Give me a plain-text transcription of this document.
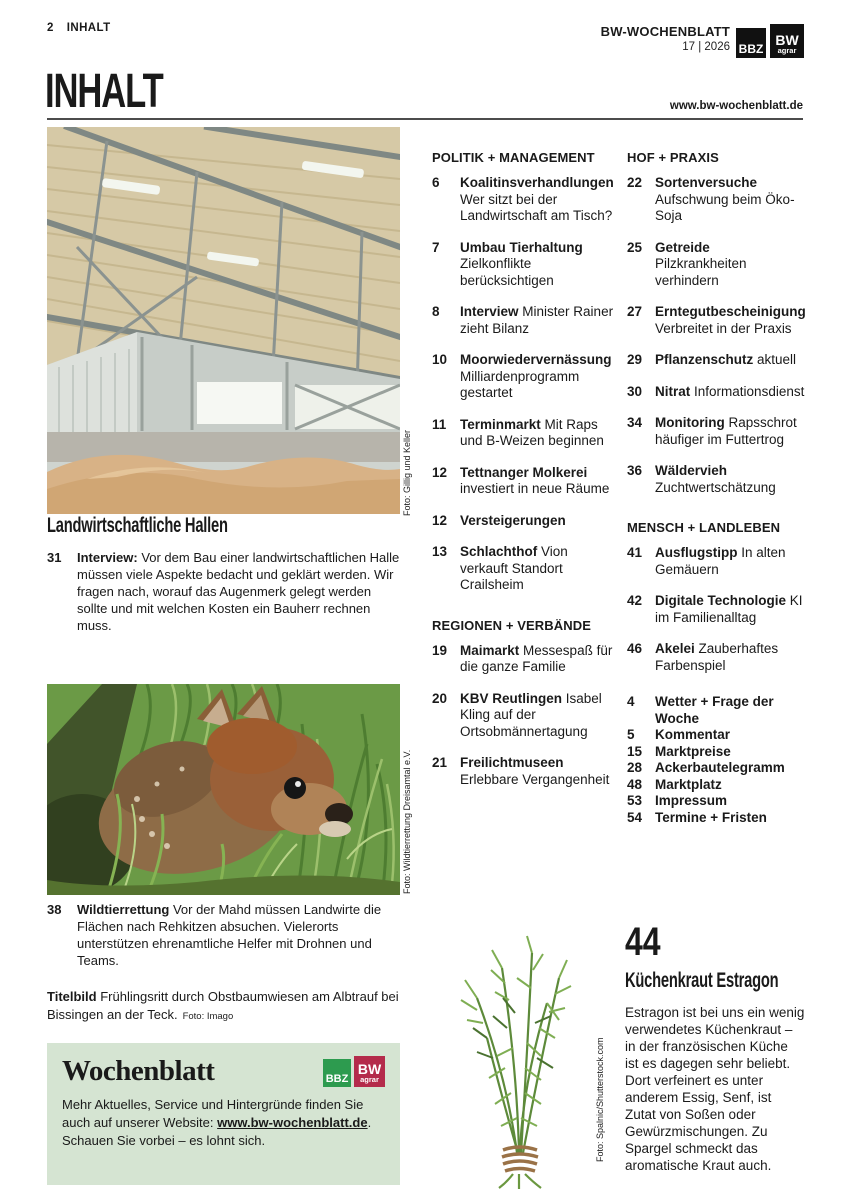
2 INHALT	BW-WOCHENBLATT
17 | 2026 BBZ
BW
agrar
INHALT	www.bw-wochenblatt.de
Foto: Gillig und Keller
Landwirtschaftliche Hallen
31	Interview: Vor dem Bau einer landwirtschaftlichen Halle müssen viele Aspekte bedacht und geklärt werden. Wir fragen nach, worauf das Augenmerk gelegt werden sollte und mit welchen Kosten ein Bauherr rechnen muss.

Foto: Wildtierrettung Dreisamtal e.V.
38	Wildtierrettung Vor der Mahd müssen Landwirte die Flächen nach Rehkitzen absuchen. Vielerorts unterstützen ehrenamtliche Helfer mit Drohnen und Teams.

Titelbild Frühlingsritt durch Obstbaumwiesen am Albtrauf bei Bissingen an der Teck. Foto: Imago

Wochenblatt	BBZ
BW
agrar

Mehr Aktuelles, Service und Hintergründe finden Sie auch auf unserer Website: www.bw-wochenblatt.de.
Schauen Sie vorbei – es lohnt sich.

POLITIK + MANAGEMENT
6	Koalitinsverhandlungen Wer sitzt bei der Landwirtschaft am Tisch?
7	Umbau Tierhaltung Zielkonflikte berücksichtigen
8	Interview Minister Rainer zieht Bilanz
10 Moorwiedervernässung Milliardenprogramm gestartet
11	Terminmarkt Mit Raps und B-Weizen beginnen
12 Tettnanger Molkerei investiert in neue Räume
12 Versteigerungen
13 Schlachthof Vion verkauft Standort Crailsheim
REGIONEN + VERBÄNDE
19 Maimarkt Messespaß für die ganze Familie
20 KBV Reutlingen Isabel Kling auf der Ortsobmännertagung
21 Freilichtmuseen Erlebbare Vergangenheit
HOF + PRAXIS
22 Sortenversuche Aufschwung beim Öko-Soja
25 Getreide Pilzkrankheiten verhindern
27 Erntegutbescheinigung Verbreitet in der Praxis
29 Pflanzenschutz aktuell
30 Nitrat Informationsdienst
34 Monitoring Rapsschrot häufiger im Futtertrog
36 Wäldervieh Zuchtwertschätzung
MENSCH + LANDLEBEN
41 Ausflugstipp In alten Gemäuern
42 Digitale Technologie KI im Familienalltag
46 Akelei Zauberhaftes Farbenspiel
4	Wetter + Frage der Woche
5	Kommentar
15 Marktpreise
28 Ackerbautelegramm
48 Marktplatz
53 Impressum
54 Termine + Fristen
Foto: Spalnic/Shutterstock.com
44
Küchenkraut Estragon

Estragon ist bei uns ein wenig verwendetes Küchenkraut – in der französischen Küche ist es dagegen sehr beliebt. Dort verfeinert es unter anderem Essig, Senf, ist Zutat von Soßen oder Gewürzmischungen. Zu Spargel schmeckt das aromatische Kraut auch.
